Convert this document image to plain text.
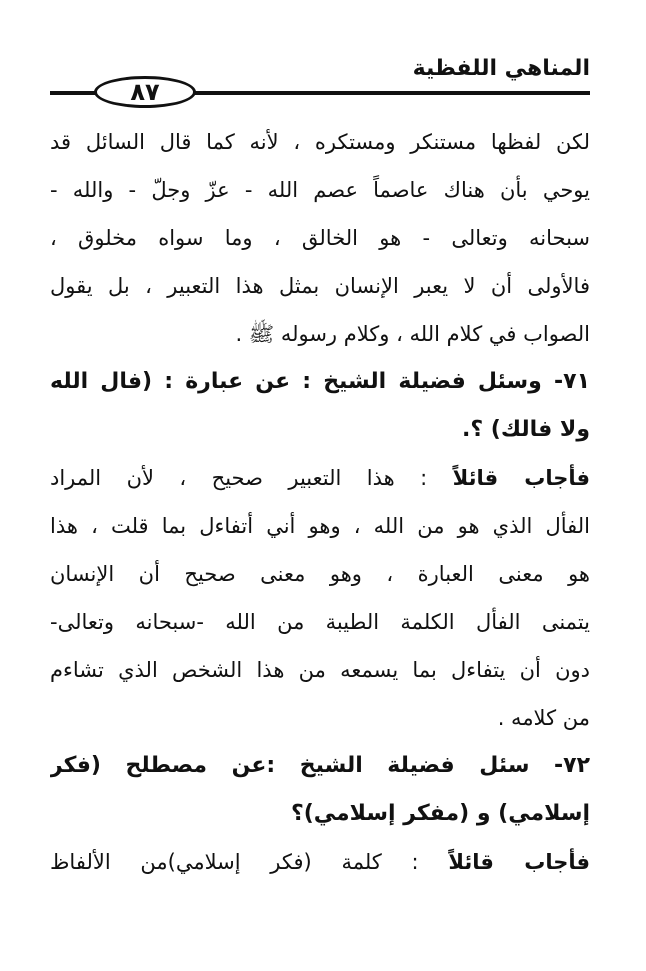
المناهي اللفظية
٨٧
لكن لفظها مستنكر ومستكره ، لأنه كما قال السائل قد
يوحي بأن هناك عاصماً عصم الله - عزّ وجلّ - والله -
سبحانه وتعالى - هو الخالق ، وما سواه مخلوق ،
فالأولى أن لا يعبر الإنسان بمثل هذا التعبير ، بل يقول
الصواب في كلام الله ، وكلام رسوله ﷺ .
٧١- وسئل فضيلة الشيخ : عن عبارة : (فال الله
ولا فالك) ؟.
فأجاب قائلاً : هذا التعبير صحيح ، لأن المراد
الفأل الذي هو من الله ، وهو أني أتفاءل بما قلت ، هذا
هو معنى العبارة ، وهو معنى صحيح أن الإنسان
يتمنى الفأل الكلمة الطيبة من الله -سبحانه وتعالى-
دون أن يتفاءل بما يسمعه من هذا الشخص الذي تشاءم
من كلامه .
٧٢- سئل فضيلة الشيخ :عن مصطلح (فكر
إسلامي) و (مفكر إسلامي)؟
فأجاب قائلاً : كلمة (فكر إسلامي)من الألفاظ
